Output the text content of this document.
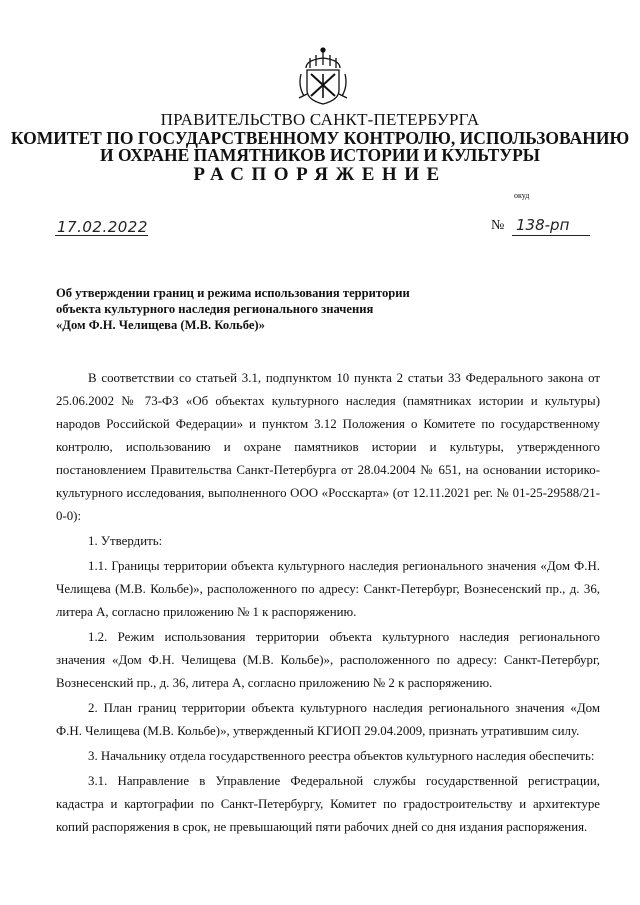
ПРАВИТЕЛЬСТВО САНКТ-ПЕТЕРБУРГА
КОМИТЕТ ПО ГОСУДАРСТВЕННОМУ КОНТРОЛЮ, ИСПОЛЬЗОВАНИЮ
И ОХРАНЕ ПАМЯТНИКОВ ИСТОРИИ И КУЛЬТУРЫ
РАСПОРЯЖЕНИЕ
окуд
17.02.2022	№ 138-рп
Об утверждении границ и режима использования территории
объекта культурного наследия регионального значения
«Дом Ф.Н. Челищева (М.В. Кольбе)»
В соответствии со статьей 3.1, подпунктом 10 пункта 2 статьи 33 Федерального закона от 25.06.2002 № 73-ФЗ «Об объектах культурного наследия (памятниках истории и культуры) народов Российской Федерации» и пунктом 3.12 Положения о Комитете по государственному контролю, использованию и охране памятников истории и культуры, утвержденного постановлением Правительства Санкт-Петербурга от 28.04.2004 № 651, на основании историко-культурного исследования, выполненного ООО «Росскарта» (от 12.11.2021 рег. № 01-25-29588/21-0-0):
1. Утвердить:
1.1. Границы территории объекта культурного наследия регионального значения «Дом Ф.Н. Челищева (М.В. Кольбе)», расположенного по адресу: Санкт-Петербург, Вознесенский пр., д. 36, литера А, согласно приложению № 1 к распоряжению.
1.2. Режим использования территории объекта культурного наследия регионального значения «Дом Ф.Н. Челищева (М.В. Кольбе)», расположенного по адресу: Санкт-Петербург, Вознесенский пр., д. 36, литера А, согласно приложению № 2 к распоряжению.
2. План границ территории объекта культурного наследия регионального значения «Дом Ф.Н. Челищева (М.В. Кольбе)», утвержденный КГИОП 29.04.2009, признать утратившим силу.
3. Начальнику отдела государственного реестра объектов культурного наследия обеспечить:
3.1. Направление в Управление Федеральной службы государственной регистрации, кадастра и картографии по Санкт-Петербургу, Комитет по градостроительству и архитектуре копий распоряжения в срок, не превышающий пяти рабочих дней со дня издания распоряжения.
